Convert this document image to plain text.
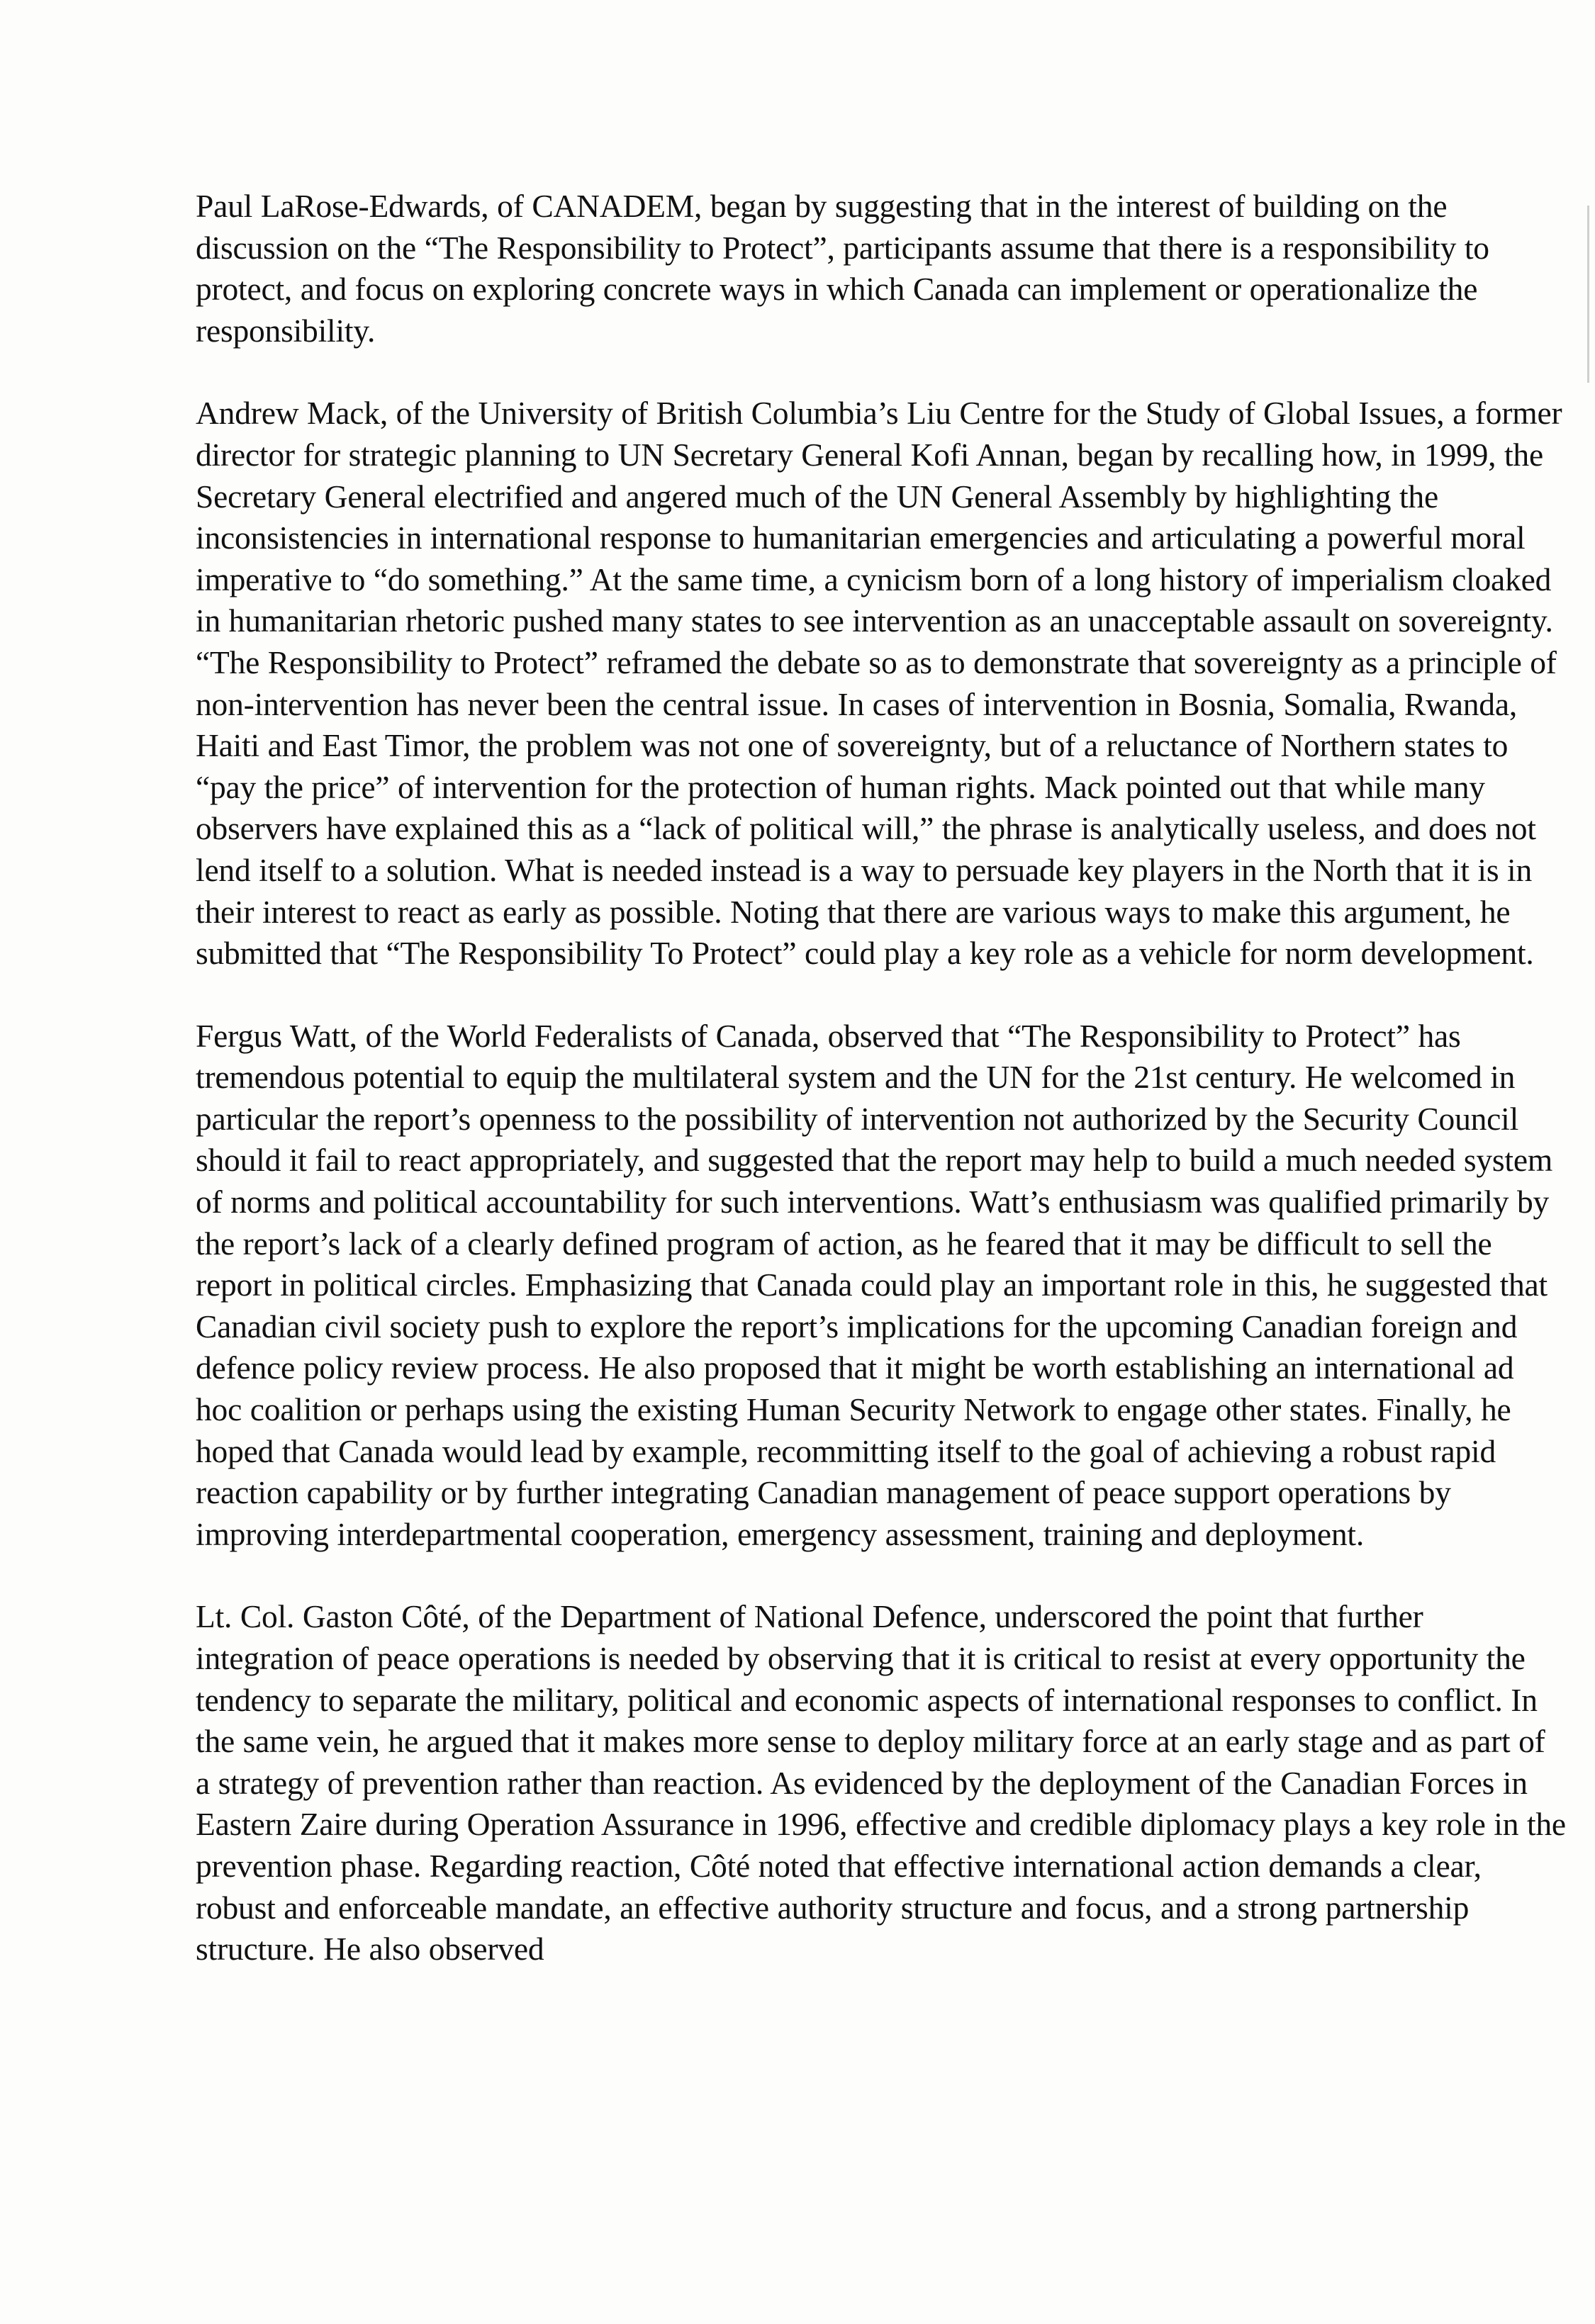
Paul LaRose-Edwards, of CANADEM, began by suggesting that in the interest of building on the discussion on the “The Responsibility to Protect”, participants assume that there is a responsibility to protect, and focus on exploring concrete ways in which Canada can implement or operationalize the responsibility.

Andrew Mack, of the University of British Columbia’s Liu Centre for the Study of Global Issues, a former director for strategic planning to UN Secretary General Kofi Annan, began by recalling how, in 1999, the Secretary General electrified and angered much of the UN General Assembly by highlighting the inconsistencies in international response to humanitarian emergencies and articulating a powerful moral imperative to “do something.” At the same time, a cynicism born of a long history of imperialism cloaked in humanitarian rhetoric pushed many states to see intervention as an unacceptable assault on sovereignty. “The Responsibility to Protect” reframed the debate so as to demonstrate that sovereignty as a principle of non-intervention has never been the central issue. In cases of intervention in Bosnia, Somalia, Rwanda, Haiti and East Timor, the problem was not one of sovereignty, but of a reluctance of Northern states to “pay the price” of intervention for the protection of human rights. Mack pointed out that while many observers have explained this as a “lack of political will,” the phrase is analytically useless, and does not lend itself to a solution. What is needed instead is a way to persuade key players in the North that it is in their interest to react as early as possible. Noting that there are various ways to make this argument, he submitted that “The Responsibility To Protect” could play a key role as a vehicle for norm development.

Fergus Watt, of the World Federalists of Canada, observed that “The Responsibility to Protect” has tremendous potential to equip the multilateral system and the UN for the 21st century. He welcomed in particular the report’s openness to the possibility of intervention not authorized by the Security Council should it fail to react appropriately, and suggested that the report may help to build a much needed system of norms and political accountability for such interventions. Watt’s enthusiasm was qualified primarily by the report’s lack of a clearly defined program of action, as he feared that it may be difficult to sell the report in political circles. Emphasizing that Canada could play an important role in this, he suggested that Canadian civil society push to explore the report’s implications for the upcoming Canadian foreign and defence policy review process. He also proposed that it might be worth establishing an international ad hoc coalition or perhaps using the existing Human Security Network to engage other states. Finally, he hoped that Canada would lead by example, recommitting itself to the goal of achieving a robust rapid reaction capability or by further integrating Canadian management of peace support operations by improving interdepartmental cooperation, emergency assessment, training and deployment.

Lt. Col. Gaston Côté, of the Department of National Defence, underscored the point that further integration of peace operations is needed by observing that it is critical to resist at every opportunity the tendency to separate the military, political and economic aspects of international responses to conflict. In the same vein, he argued that it makes more sense to deploy military force at an early stage and as part of a strategy of prevention rather than reaction. As evidenced by the deployment of the Canadian Forces in Eastern Zaire during Operation Assurance in 1996, effective and credible diplomacy plays a key role in the prevention phase. Regarding reaction, Côté noted that effective international action demands a clear, robust and enforceable mandate, an effective authority structure and focus, and a strong partnership structure. He also observed
